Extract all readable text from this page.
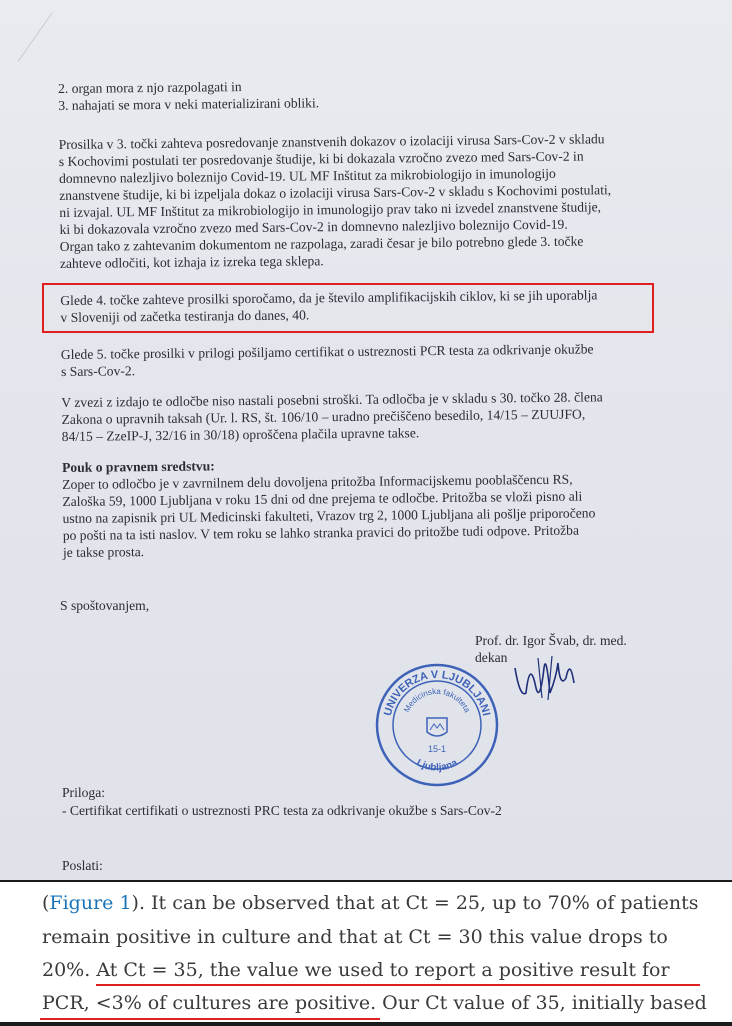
2. organ mora z njo razpolagati in
3. nahajati se mora v neki materializirani obliki.

Prosilka v 3. točki zahteva posredovanje znanstvenih dokazov o izolaciji virusa Sars-Cov-2 v skladu
s Kochovimi postulati ter posredovanje študije, ki bi dokazala vzročno zvezo med Sars-Cov-2 in
domnevno nalezljivo boleznijo Covid-19. UL MF Inštitut za mikrobiologijo in imunologijo
znanstvene študije, ki bi izpeljala dokaz o izolaciji virusa Sars-Cov-2 v skladu s Kochovimi postulati,
ni izvajal. UL MF Inštitut za mikrobiologijo in imunologijo prav tako ni izvedel znanstvene študije,
ki bi dokazovala vzročno zvezo med Sars-Cov-2 in domnevno nalezljivo boleznijo Covid-19.
Organ tako z zahtevanim dokumentom ne razpolaga, zaradi česar je bilo potrebno glede 3. točke
zahteve odločiti, kot izhaja iz izreka tega sklepa.

Glede 4. točke zahteve prosilki sporočamo, da je število amplifikacijskih ciklov, ki se jih uporablja
v Sloveniji od začetka testiranja do danes, 40.

Glede 5. točke prosilki v prilogi pošiljamo certifikat o ustreznosti PCR testa za odkrivanje okužbe
s Sars-Cov-2.

V zvezi z izdajo te odločbe niso nastali posebni stroški. Ta odločba je v skladu s 30. točko 28. člena
Zakona o upravnih taksah (Ur. l. RS, št. 106/10 – uradno prečiščeno besedilo, 14/15 – ZUUJFO,
84/15 – ZzeIP-J, 32/16 in 30/18) oproščena plačila upravne takse.

Pouk o pravnem sredstvu:
Zoper to odločbo je v zavrnilnem delu dovoljena pritožba Informacijskemu pooblaščencu RS,
Zaloška 59, 1000 Ljubljana v roku 15 dni od dne prejema te odločbe. Pritožba se vloži pisno ali
ustno na zapisnik pri UL Medicinski fakulteti, Vrazov trg 2, 1000 Ljubljana ali pošlje priporočeno
po pošti na ta isti naslov. V tem roku se lahko stranka pravici do pritožbe tudi odpove. Pritožba
je takse prosta.

S spoštovanjem,
Prof. dr. Igor Švab, dr. med.
dekan
UNIVERZA V LJUBLJANI
Medicinska fakulteta
15-1
Ljubljana
Priloga:
- Certifikat certifikati o ustreznosti PRC testa za odkrivanje okužbe s Sars-Cov-2
Poslati:
(Figure 1). It can be observed that at Ct = 25, up to 70% of patients
remain positive in culture and that at Ct = 30 this value drops to
20%. At Ct = 35, the value we used to report a positive result for
PCR, <3% of cultures are positive. Our Ct value of 35, initially based
